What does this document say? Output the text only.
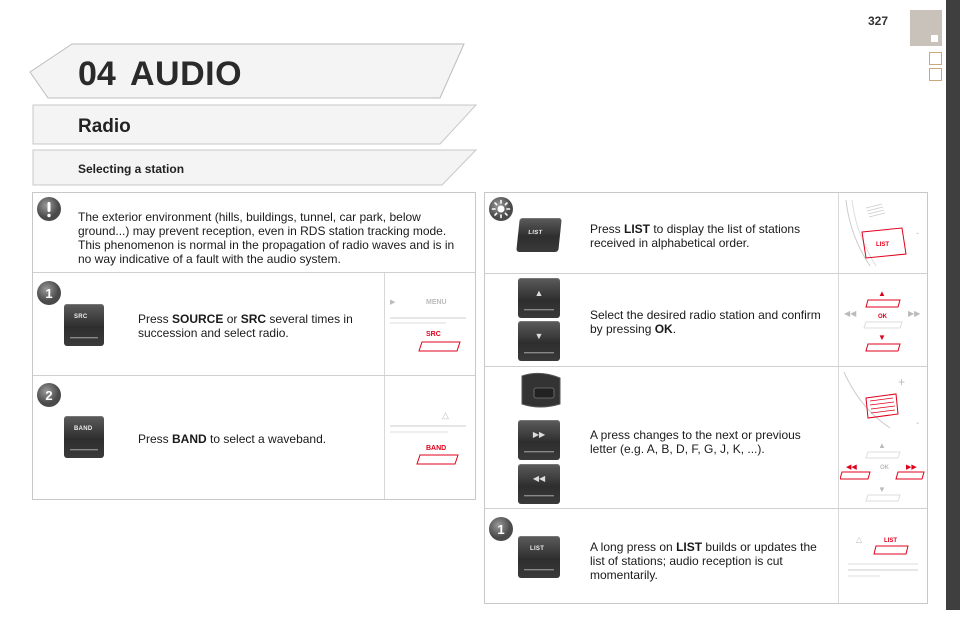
327
04 AUDIO
Radio
Selecting a station
The exterior environment (hills, buildings, tunnel, car park, below ground...) may prevent reception, even in RDS station tracking mode. This phenomenon is normal in the propagation of radio waves and is in no way indicative of a fault with the audio system.
1
SRC	Press SOURCE or SRC several times in succession and select radio.
▶	MENU
SRC
2
BAND
Press BAND to select a waveband.
△
BAND
LIST	Press LIST to display the list of stations received in alphabetical order.
-
LIST
▲
▼
Select the desired radio station and confirm by pressing OK.
▲
◀◀	▶▶
OK
▼
▶▶
◀◀
A press changes to the next or previous letter (e.g. A, B, D, F, G, J, K, ...).
+
-
▲
◀◀	OK ▶▶
▼
1
LIST	A long press on LIST builds or updates the list of stations; audio reception is cut momentarily.
△	LIST
